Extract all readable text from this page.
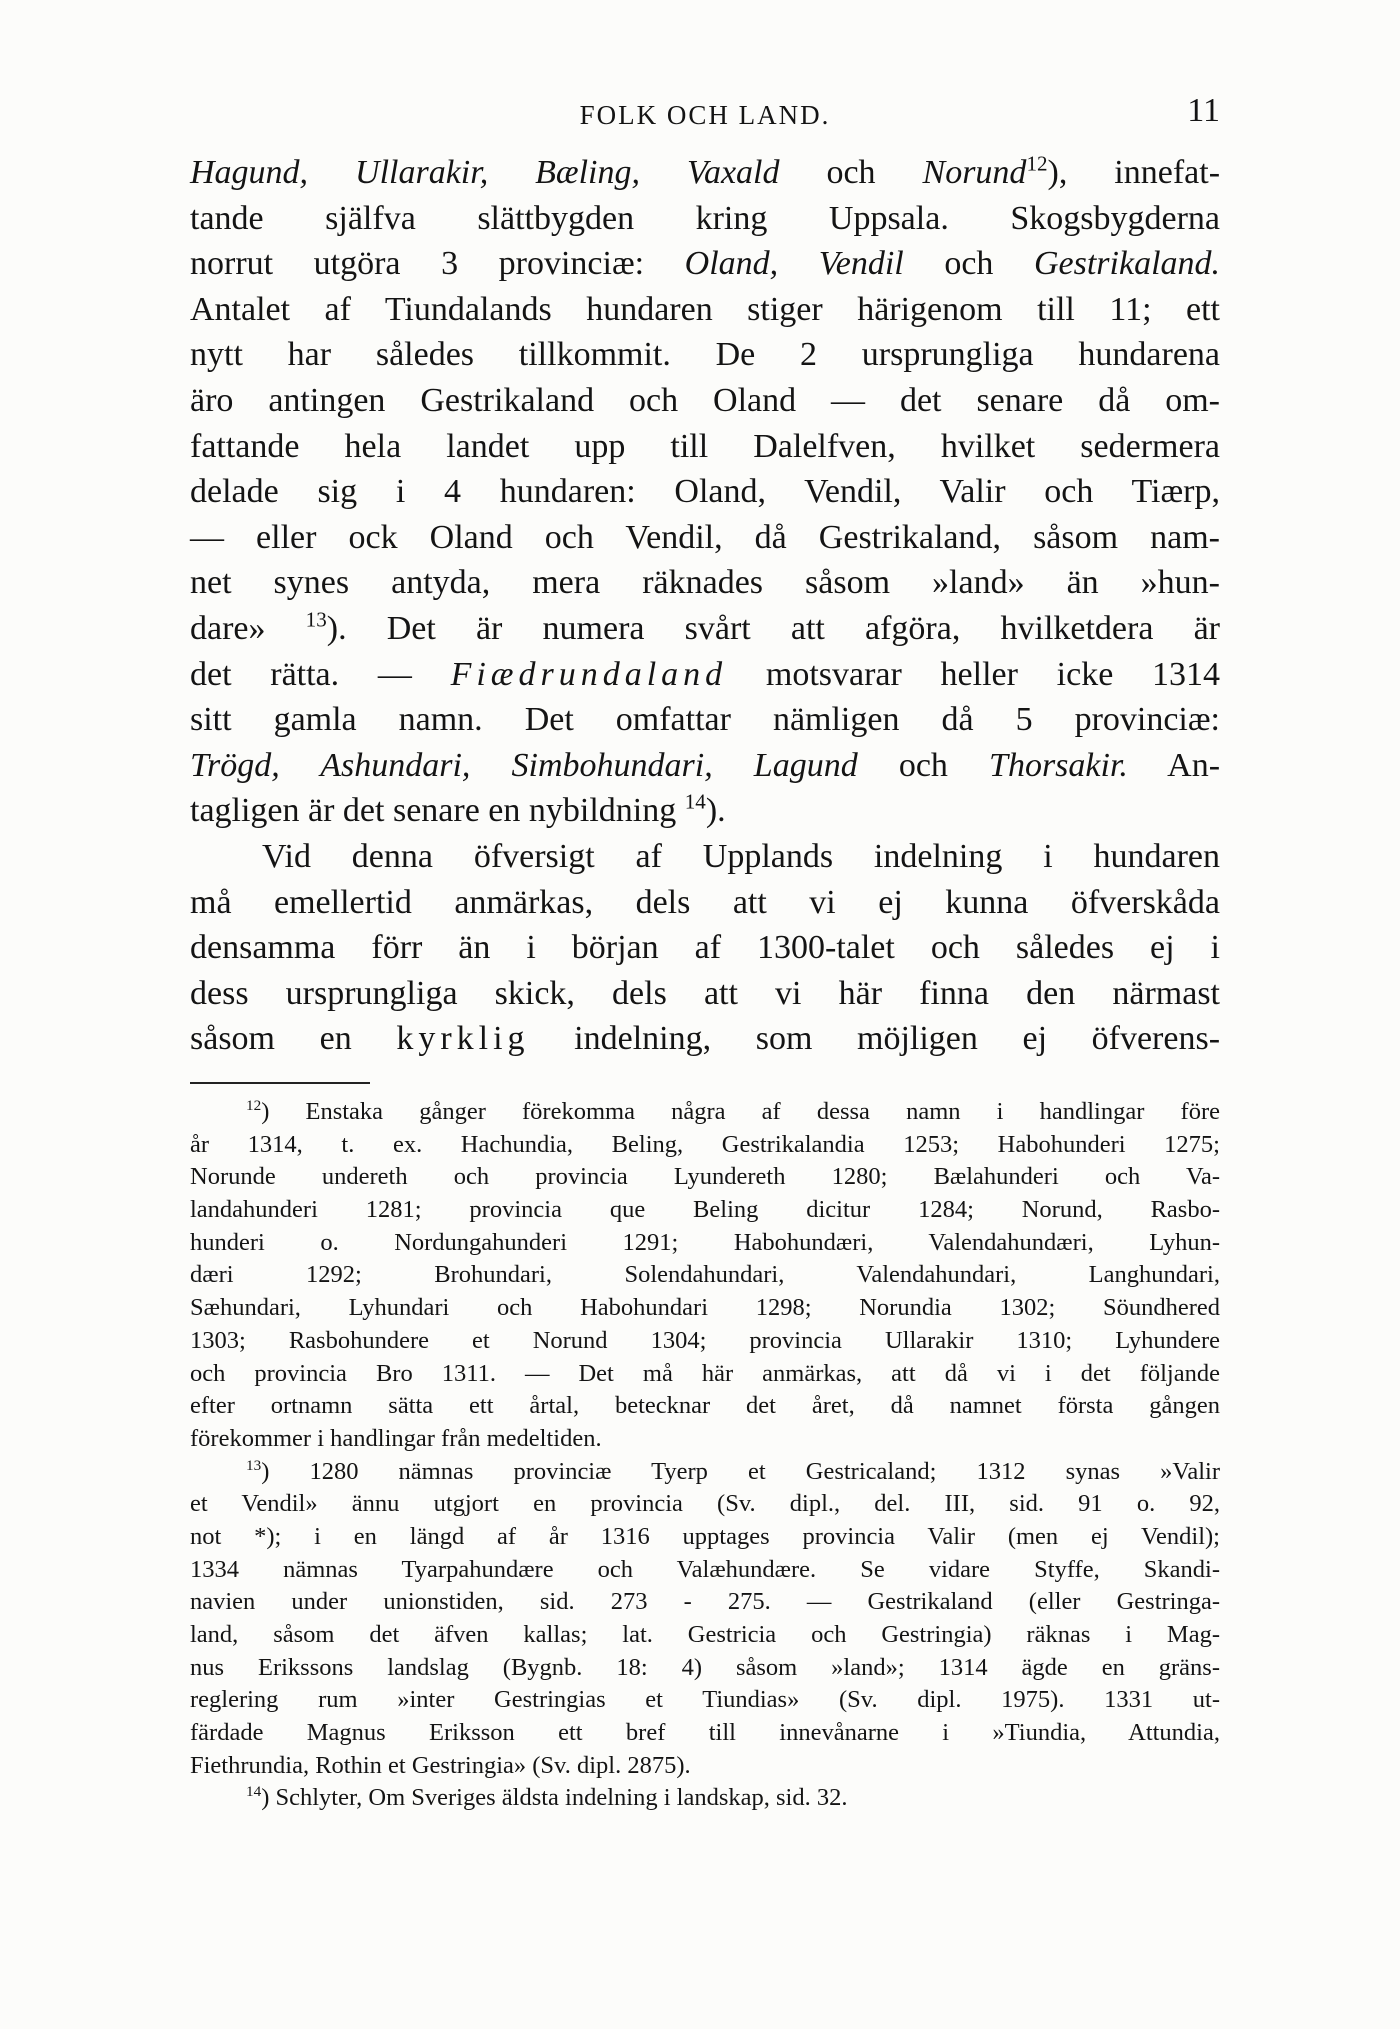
FOLK OCH LAND.	11
Hagund, Ullarakir, Bæling, Vaxald och Norund$^{12}$), innefat-
tande själfva slättbygden kring Uppsala. Skogsbygderna
norrut utgöra 3 provinciæ: Oland, Vendil och Gestrikaland.
Antalet af Tiundalands hundaren stiger härigenom till 11; ett
nytt har således tillkommit. De 2 ursprungliga hundarena
äro antingen Gestrikaland och Oland — det senare då om-
fattande hela landet upp till Dalelfven, hvilket sedermera
delade sig i 4 hundaren: Oland, Vendil, Valir och Tiærp,
— eller ock Oland och Vendil, då Gestrikaland, såsom nam-
net synes antyda, mera räknades såsom »land» än »hun-
dare» $^{13}$). Det är numera svårt att afgöra, hvilketdera är
det rätta. — Fiædrundaland motsvarar heller icke 1314
sitt gamla namn. Det omfattar nämligen då 5 provinciæ:
Trögd, Ashundari, Simbohundari, Lagund och Thorsakir. An-
tagligen är det senare en nybildning $^{14}$).
Vid denna öfversigt af Upplands indelning i hundaren
må emellertid anmärkas, dels att vi ej kunna öfverskåda
densamma förr än i början af 1300-talet och således ej i
dess ursprungliga skick, dels att vi här finna den närmast
såsom en kyrklig indelning, som möjligen ej öfverens-
$^{12}$) Enstaka gånger förekomma några af dessa namn i handlingar före
år 1314, t. ex. Hachundia, Beling, Gestrikalandia 1253; Habohunderi 1275;
Norunde undereth och provincia Lyundereth 1280; Bælahunderi och Va-
landahunderi 1281; provincia que Beling dicitur 1284; Norund, Rasbo-
hunderi o. Nordungahunderi 1291; Habohundæri, Valendahundæri, Lyhun-
dæri 1292; Brohundari, Solendahundari, Valendahundari, Langhundari,
Sæhundari, Lyhundari och Habohundari 1298; Norundia 1302; Söundhered
1303; Rasbohundere et Norund 1304; provincia Ullarakir 1310; Lyhundere
och provincia Bro 1311. — Det må här anmärkas, att då vi i det följande
efter ortnamn sätta ett årtal, betecknar det året, då namnet första gången
förekommer i handlingar från medeltiden.
$^{13}$) 1280 nämnas provinciæ Tyerp et Gestricaland; 1312 synas »Valir
et Vendil» ännu utgjort en provincia (Sv. dipl., del. III, sid. 91 o. 92,
not *); i en längd af år 1316 upptages provincia Valir (men ej Vendil);
1334 nämnas Tyarpahundære och Valæhundære. Se vidare Styffe, Skandi-
navien under unionstiden, sid. 273 - 275. — Gestrikaland (eller Gestringa-
land, såsom det äfven kallas; lat. Gestricia och Gestringia) räknas i Mag-
nus Erikssons landslag (Bygnb. 18: 4) såsom »land»; 1314 ägde en gräns-
reglering rum »inter Gestringias et Tiundias» (Sv. dipl. 1975). 1331 ut-
färdade Magnus Eriksson ett bref till innevånarne i »Tiundia, Attundia,
Fiethrundia, Rothin et Gestringia» (Sv. dipl. 2875).
$^{14}$) Schlyter, Om Sveriges äldsta indelning i landskap, sid. 32.
